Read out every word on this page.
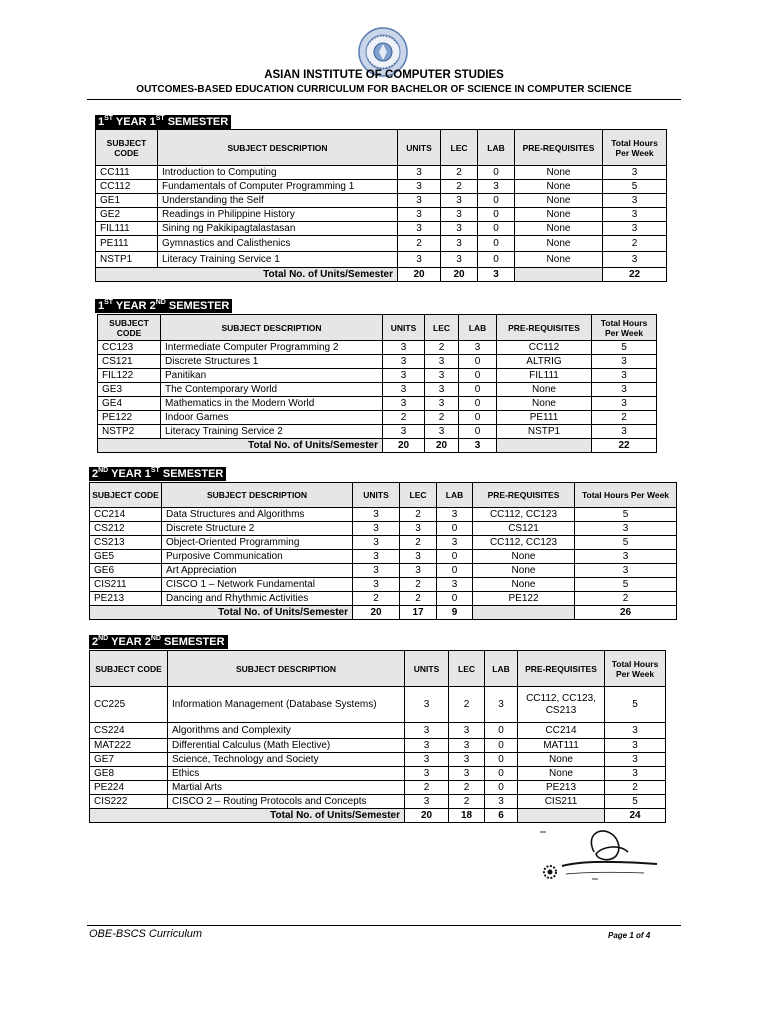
ASIAN INSTITUTE OF COMPUTER STUDIES
OUTCOMES-BASED EDUCATION CURRICULUM FOR BACHELOR OF SCIENCE IN COMPUTER SCIENCE
1ST YEAR 1ST SEMESTER
SUBJECT CODE	SUBJECT DESCRIPTION	UNITS	LEC	LAB	PRE-REQUISITES	Total Hours Per Week
CC111	Introduction to Computing	3	2	0	None	3
CC112	Fundamentals of Computer Programming 1	3	2	3	None	5
GE1	Understanding the Self	3	3	0	None	3
GE2	Readings in Philippine History	3	3	0	None	3
FIL111	Sining ng Pakikipagtalastasan	3	3	0	None	3
PE111	Gymnastics and Calisthenics	2	3	0	None	2
NSTP1	Literacy Training Service 1	3	3	0	None	3
Total No. of Units/Semester		20	20	3		22
1ST YEAR 2ND SEMESTER
SUBJECT CODE	SUBJECT DESCRIPTION	UNITS	LEC	LAB	PRE-REQUISITES	Total Hours Per Week
CC123	Intermediate Computer Programming 2	3	2	3	CC112	5
CS121	Discrete Structures 1	3	3	0	ALTRIG	3
FIL122	Panitikan	3	3	0	FIL111	3
GE3	The Contemporary World	3	3	0	None	3
GE4	Mathematics in the Modern World	3	3	0	None	3
PE122	Indoor Games	2	2	0	PE111	2
NSTP2	Literacy Training Service 2	3	3	0	NSTP1	3
Total No. of Units/Semester		20	20	3		22
2ND YEAR 1ST SEMESTER
SUBJECT CODE	SUBJECT DESCRIPTION	UNITS	LEC	LAB	PRE-REQUISITES	Total Hours Per Week
CC214	Data Structures and Algorithms	3	2	3	CC112, CC123	5
CS212	Discrete Structure 2	3	3	0	CS121	3
CS213	Object-Oriented Programming	3	2	3	CC112, CC123	5
GE5	Purposive Communication	3	3	0	None	3
GE6	Art Appreciation	3	3	0	None	3
CIS211	CISCO 1 – Network Fundamental	3	2	3	None	5
PE213	Dancing and Rhythmic Activities	2	2	0	PE122	2
Total No. of Units/Semester		20	17	9		26
2ND YEAR 2ND SEMESTER
SUBJECT CODE	SUBJECT DESCRIPTION	UNITS	LEC	LAB	PRE-REQUISITES	Total Hours Per Week
CC225	Information Management (Database Systems)	3	2	3	CC112, CC123, CS213	5
CS224	Algorithms and Complexity	3	3	0	CC214	3
MAT222	Differential Calculus (Math Elective)	3	3	0	MAT111	3
GE7	Science, Technology and Society	3	3	0	None	3
GE8	Ethics	3	3	0	None	3
PE224	Martial Arts	2	2	0	PE213	2
CIS222	CISCO 2 – Routing Protocols and Concepts	3	2	3	CIS211	5
Total No. of Units/Semester		20	18	6		24
OBE-BSCS Curriculum	Page 1 of 4
